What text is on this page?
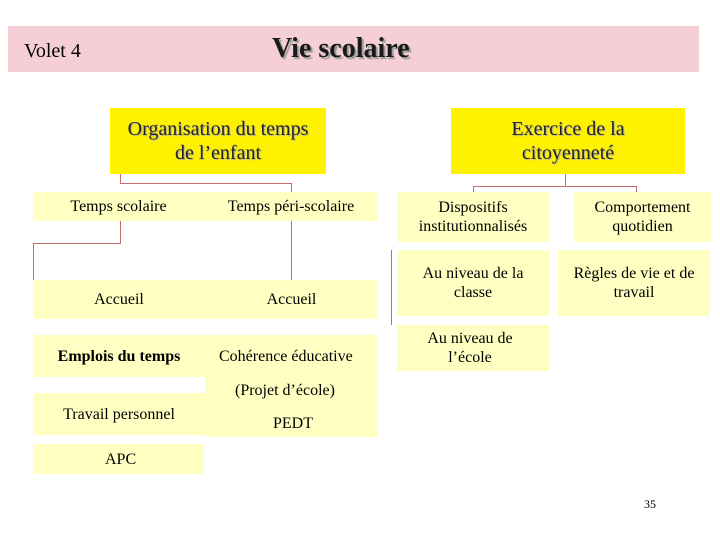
Volet 4	Vie scolaire
Organisation du temps de l’enfant
Exercice de la citoyenneté
Temps scolaire	Temps péri-scolaire
Accueil
Emplois du temps
Travail personnel
APC
Accueil
Cohérence éducative
(Projet d’école)
PEDT
Dispositifs institutionnalisés
Comportement quotidien
Au niveau de la classe
Règles de vie et de travail
Au niveau de l’école
35
